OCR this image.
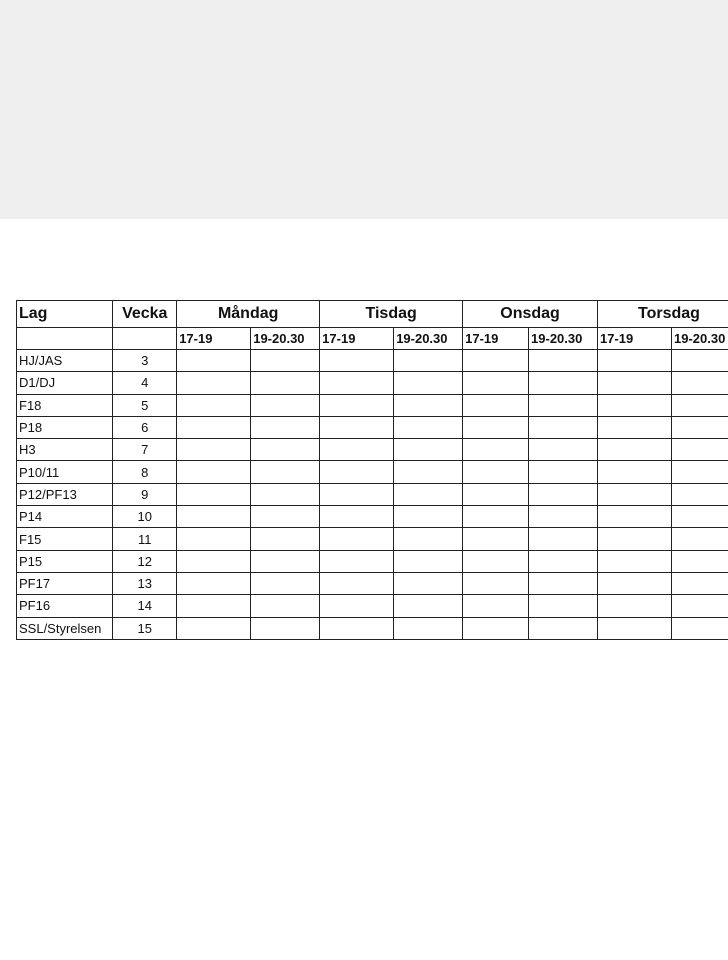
Lag	Vecka	Måndag		Tisdag		Onsdag		Torsdag	
		17-19	19-20.30	17-19	19-20.30	17-19	19-20.30	17-19	19-20.30
HJ/JAS	3								
D1/DJ	4								
F18	5								
P18	6								
H3	7								
P10/11	8								
P12/PF13	9								
P14	10								
F15	11								
P15	12								
PF17	13								
PF16	14								
SSL/Styrelsen	15								
